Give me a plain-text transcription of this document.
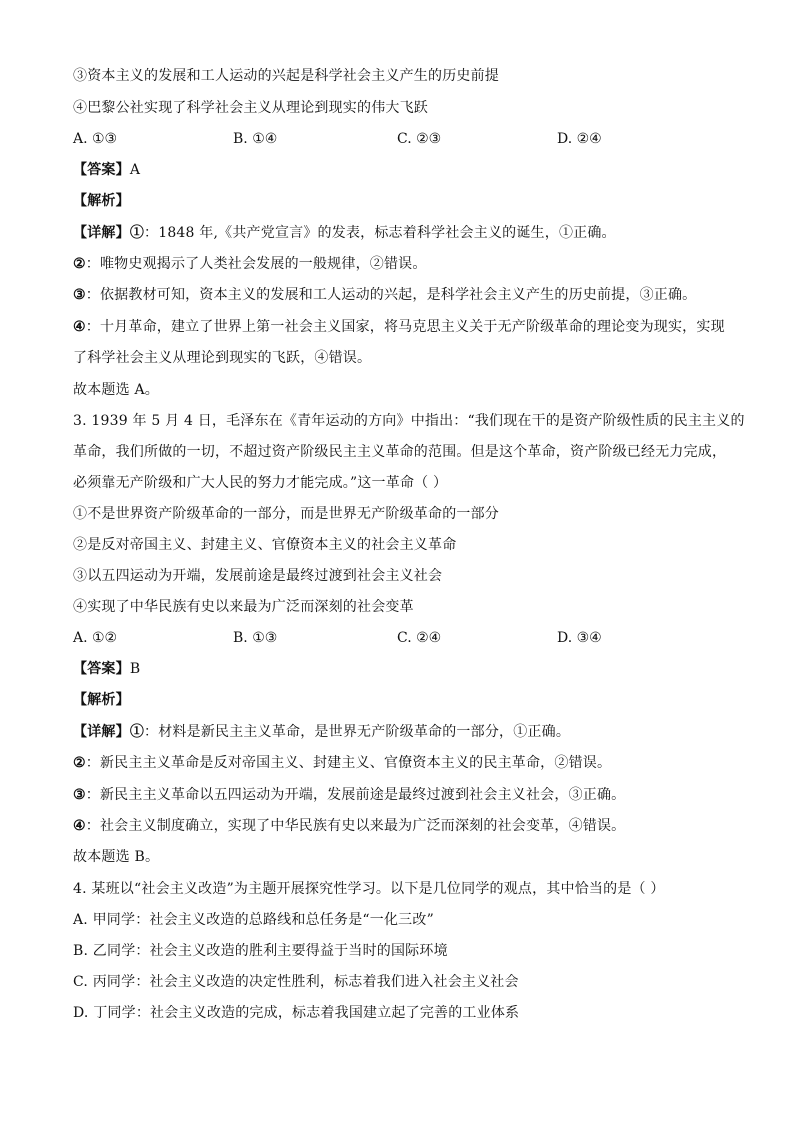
③资本主义的发展和工人运动的兴起是科学社会主义产生的历史前提
④巴黎公社实现了科学社会主义从理论到现实的伟大飞跃
A. ①③	B. ①④	C. ②③	D. ②④
【答案】A
【解析】
【详解】①：1848 年,《共产党宣言》的发表，标志着科学社会主义的诞生，①正确。
②：唯物史观揭示了人类社会发展的一般规律，②错误。
③：依据教材可知，资本主义的发展和工人运动的兴起，是科学社会主义产生的历史前提，③正确。
④：十月革命，建立了世界上第一社会主义国家，将马克思主义关于无产阶级革命的理论变为现实，实现
了科学社会主义从理论到现实的飞跃，④错误。
故本题选 A。
3. 1939 年 5 月 4 日，毛泽东在《青年运动的方向》中指出：“我们现在干的是资产阶级性质的民主主义的
革命，我们所做的一切，不超过资产阶级民主主义革命的范围。但是这个革命，资产阶级已经无力完成，
必须靠无产阶级和广大人民的努力才能完成。”这一革命（ ）
①不是世界资产阶级革命的一部分，而是世界无产阶级革命的一部分
②是反对帝国主义、封建主义、官僚资本主义的社会主义革命
③以五四运动为开端，发展前途是最终过渡到社会主义社会
④实现了中华民族有史以来最为广泛而深刻的社会变革
A. ①②	B. ①③	C. ②④	D. ③④
【答案】B
【解析】
【详解】①：材料是新民主主义革命，是世界无产阶级革命的一部分，①正确。
②：新民主主义革命是反对帝国主义、封建主义、官僚资本主义的民主革命，②错误。
③：新民主主义革命以五四运动为开端，发展前途是最终过渡到社会主义社会，③正确。
④：社会主义制度确立，实现了中华民族有史以来最为广泛而深刻的社会变革，④错误。
故本题选 B。
4. 某班以“社会主义改造”为主题开展探究性学习。以下是几位同学的观点，其中恰当的是（ ）
A. 甲同学：社会主义改造的总路线和总任务是“一化三改”
B. 乙同学：社会主义改造的胜利主要得益于当时的国际环境
C. 丙同学：社会主义改造的决定性胜利，标志着我们进入社会主义社会
D. 丁同学：社会主义改造的完成，标志着我国建立起了完善的工业体系
